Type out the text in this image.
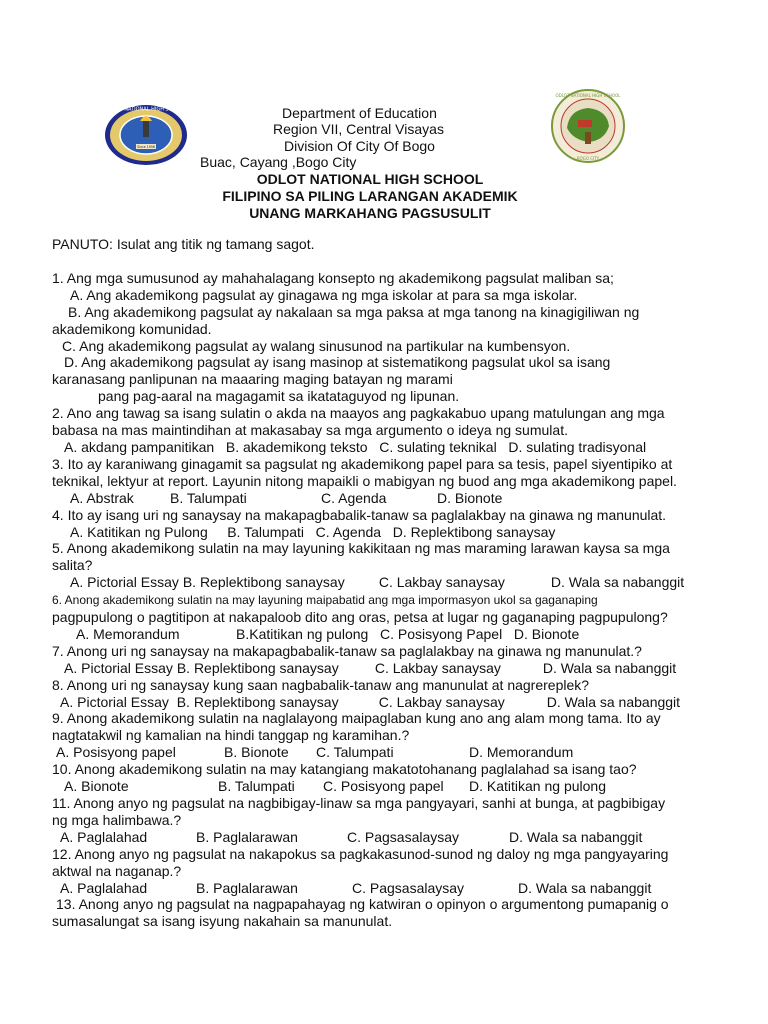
ODLOT NATIONAL HIGH SCHOOL
Since 1956
ODLOT NATIONAL HIGH SCHOOL
BOGO CITY
Department of Education
Region VII, Central Visayas
Division Of City Of Bogo
Buac, Cayang ,Bogo City
ODLOT NATIONAL HIGH SCHOOL
FILIPINO SA PILING LARANGAN AKADEMIK
UNANG MARKAHANG PAGSUSULIT

PANUTO: Isulat ang titik ng tamang sagot.

1. Ang mga sumusunod ay mahahalagang konsepto ng akademikong pagsulat maliban sa;

A. Ang akademikong pagsulat ay ginagawa ng mga iskolar at para sa mga iskolar.

B. Ang akademikong pagsulat ay nakalaan sa mga paksa at mga tanong na kinagigiliwan ng

akademikong komunidad.

C. Ang akademikong pagsulat ay walang sinusunod na partikular na kumbensyon.

D. Ang akademikong pagsulat ay isang masinop at sistematikong pagsulat ukol sa isang

karanasang panlipunan na maaaring maging batayan ng marami

pang pag-aaral na magagamit sa ikatataguyod ng lipunan.

2. Ano ang tawag sa isang sulatin o akda na maayos ang pagkakabuo upang matulungan ang mga

babasa na mas maintindihan at makasabay sa mga argumento o ideya ng sumulat.

A. akdang pampanitikan B. akademikong teksto C. sulating teknikal D. sulating tradisyonal

3. Ito ay karaniwang ginagamit sa pagsulat ng akademikong papel para sa tesis, papel siyentipiko at

teknikal, lektyur at report. Layunin nitong mapaikli o mabigyan ng buod ang mga akademikong papel.

A. Abstrak	B. Talumpati	C. Agenda	D. Bionote

4. Ito ay isang uri ng sanaysay na makapagbabalik-tanaw sa paglalakbay na ginawa ng manunulat.

A. Katitikan ng Pulong B. Talumpati C. Agenda D. Replektibong sanaysay

5. Anong akademikong sulatin na may layuning kakikitaan ng mas maraming larawan kaysa sa mga

salita?

A. Pictorial Essay B. Replektibong sanaysay C. Lakbay sanaysay	D. Wala sa nabanggit

6. Anong akademikong sulatin na may layuning maipabatid ang mga impormasyon ukol sa gaganaping

pagpupulong o pagtitipon at nakapaloob dito ang oras, petsa at lugar ng gaganaping pagpupulong?

A. Memorandum	B.Katitikan ng pulong C. Posisyong Papel D. Bionote

7. Anong uri ng sanaysay na makapagbabalik-tanaw sa paglalakbay na ginawa ng manunulat.?

A. Pictorial Essay B. Replektibong sanaysay	C. Lakbay sanaysay	D. Wala sa nabanggit

8. Anong uri ng sanaysay kung saan nagbabalik-tanaw ang manunulat at nagrereplek?

A. Pictorial Essay B. Replektibong sanaysay	C. Lakbay sanaysay	D. Wala sa nabanggit

9. Anong akademikong sulatin na naglalayong maipaglaban kung ano ang alam mong tama. Ito ay

nagtatakwil ng kamalian na hindi tanggap ng karamihan.?

A. Posisyong papel	B. Bionote C. Talumpati	D. Memorandum

10. Anong akademikong sulatin na may katangiang makatotohanang paglalahad sa isang tao?

A. Bionote	B. Talumpati C. Posisyong papel D. Katitikan ng pulong

11. Anong anyo ng pagsulat na nagbibigay-linaw sa mga pangyayari, sanhi at bunga, at pagbibigay

ng mga halimbawa.?

A. Paglalahad	B. Paglalarawan	C. Pagsasalaysay	D. Wala sa nabanggit

12. Anong anyo ng pagsulat na nakapokus sa pagkakasunod-sunod ng daloy ng mga pangyayaring

aktwal na naganap.?

A. Paglalahad	B. Paglalarawan	C. Pagsasalaysay	D. Wala sa nabanggit

13. Anong anyo ng pagsulat na nagpapahayag ng katwiran o opinyon o argumentong pumapanig o

sumasalungat sa isang isyung nakahain sa manunulat.
